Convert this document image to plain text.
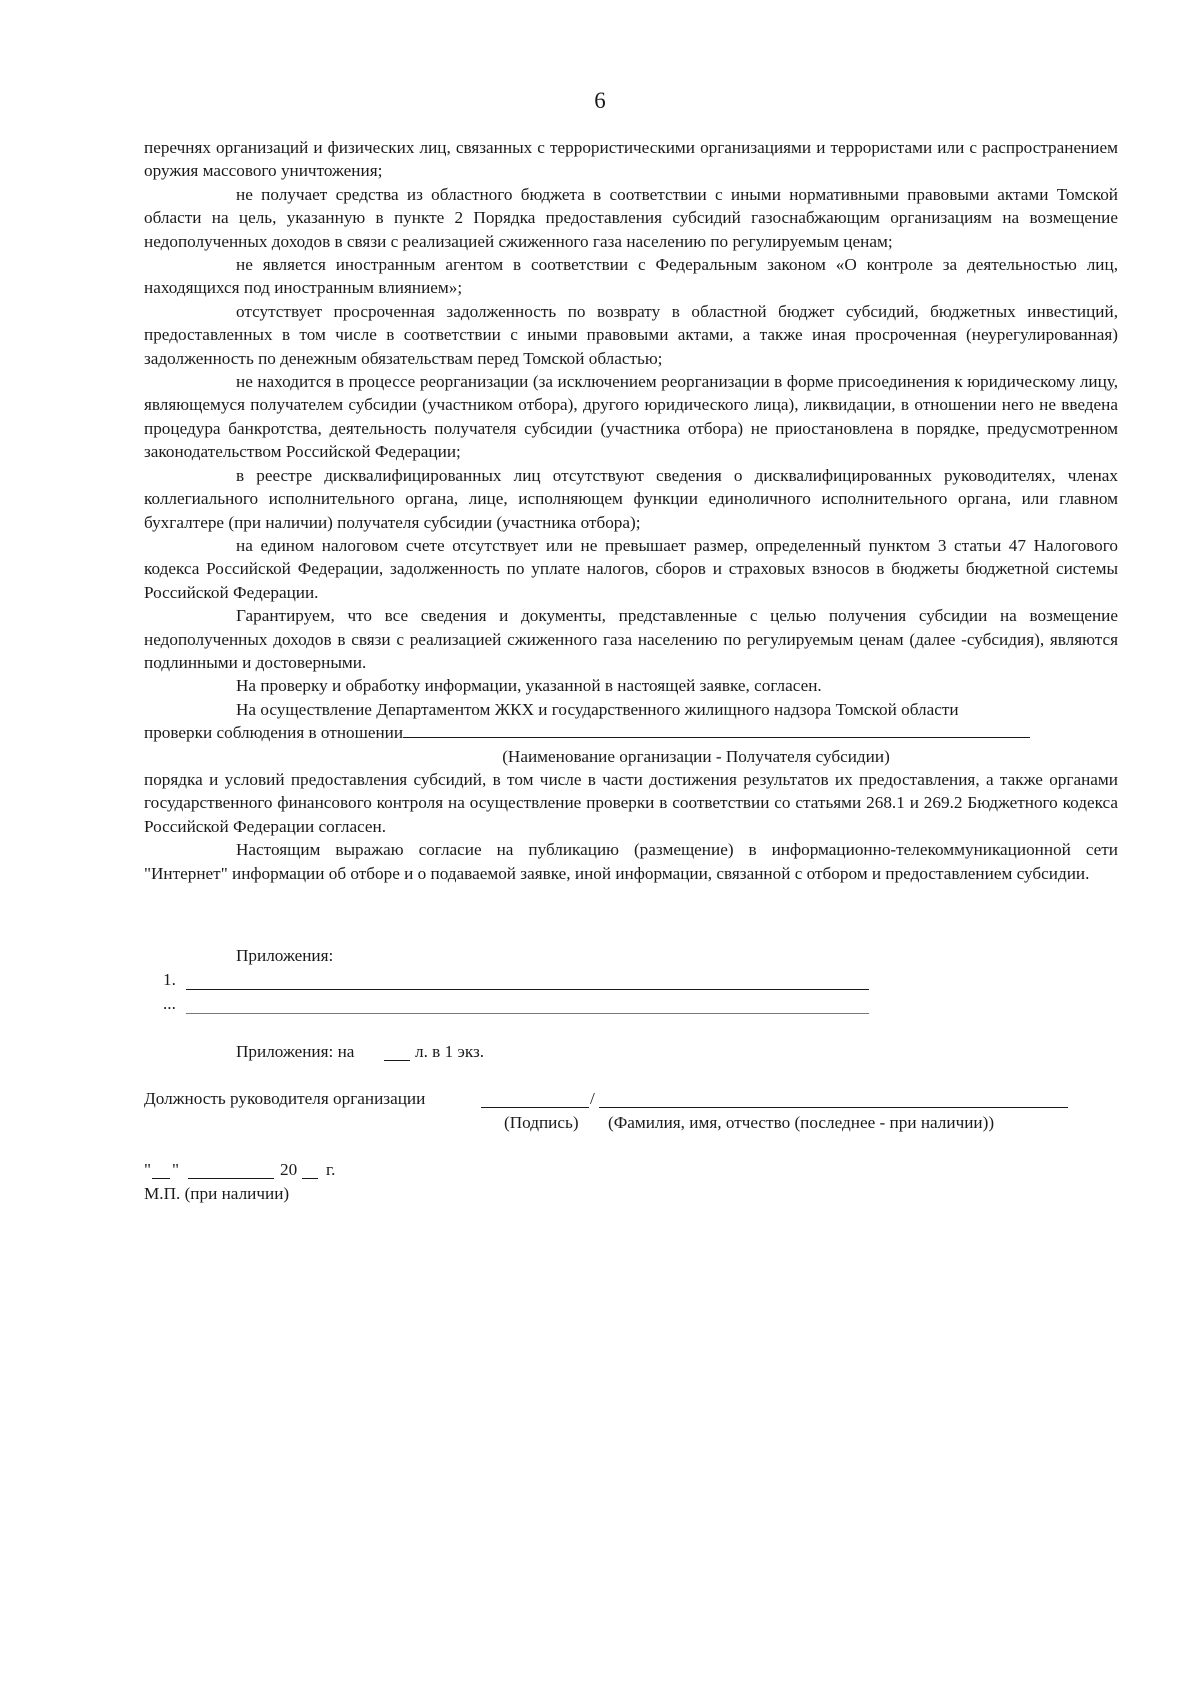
6

перечнях организаций и физических лиц, связанных с террористическими организациями и террористами или с распространением оружия массового уничтожения;

не получает средства из областного бюджета в соответствии с иными нормативными правовыми актами Томской области на цель, указанную в пункте 2 Порядка предоставления субсидий газоснабжающим организациям на возмещение недополученных доходов в связи с реализацией сжиженного газа населению по регулируемым ценам;

не является иностранным агентом в соответствии с Федеральным законом «О контроле за деятельностью лиц, находящихся под иностранным влиянием»;

отсутствует просроченная задолженность по возврату в областной бюджет субсидий, бюджетных инвестиций, предоставленных в том числе в соответствии с иными правовыми актами, а также иная просроченная (неурегулированная) задолженность по денежным обязательствам перед Томской областью;

не находится в процессе реорганизации (за исключением реорганизации в форме присоединения к юридическому лицу, являющемуся получателем субсидии (участником отбора), другого юридического лица), ликвидации, в отношении него не введена процедура банкротства, деятельность получателя субсидии (участника отбора) не приостановлена в порядке, предусмотренном законодательством Российской Федерации;

в реестре дисквалифицированных лиц отсутствуют сведения о дисквалифицированных руководителях, членах коллегиального исполнительного органа, лице, исполняющем функции единоличного исполнительного органа, или главном бухгалтере (при наличии) получателя субсидии (участника отбора);

на едином налоговом счете отсутствует или не превышает размер, определенный пунктом 3 статьи 47 Налогового кодекса Российской Федерации, задолженность по уплате налогов, сборов и страховых взносов в бюджеты бюджетной системы Российской Федерации.

Гарантируем, что все сведения и документы, представленные с целью получения субсидии на возмещение недополученных доходов в связи с реализацией сжиженного газа населению по регулируемым ценам (далее -субсидия), являются подлинными и достоверными.

На проверку и обработку информации, указанной в настоящей заявке, согласен.

На осуществление Департаментом ЖКХ и государственного жилищного надзора Томской области

проверки соблюдения в отношении

(Наименование организации - Получателя субсидии)

порядка и условий предоставления субсидий, в том числе в части достижения результатов их предоставления, а также органами государственного финансового контроля на осуществление проверки в соответствии со статьями 268.1 и 269.2 Бюджетного кодекса Российской Федерации согласен.

Настоящим выражаю согласие на публикацию (размещение) в информационно-телекоммуникационной сети "Интернет" информации об отборе и о подаваемой заявке, иной информации, связанной с отбором и предоставлением субсидии.

Приложения:
1.
...
Приложения: на	л. в 1 экз.
Должность руководителя организации	/
(Подпись) (Фамилия, имя, отчество (последнее - при наличии))
" "	20 г.
М.П. (при наличии)
